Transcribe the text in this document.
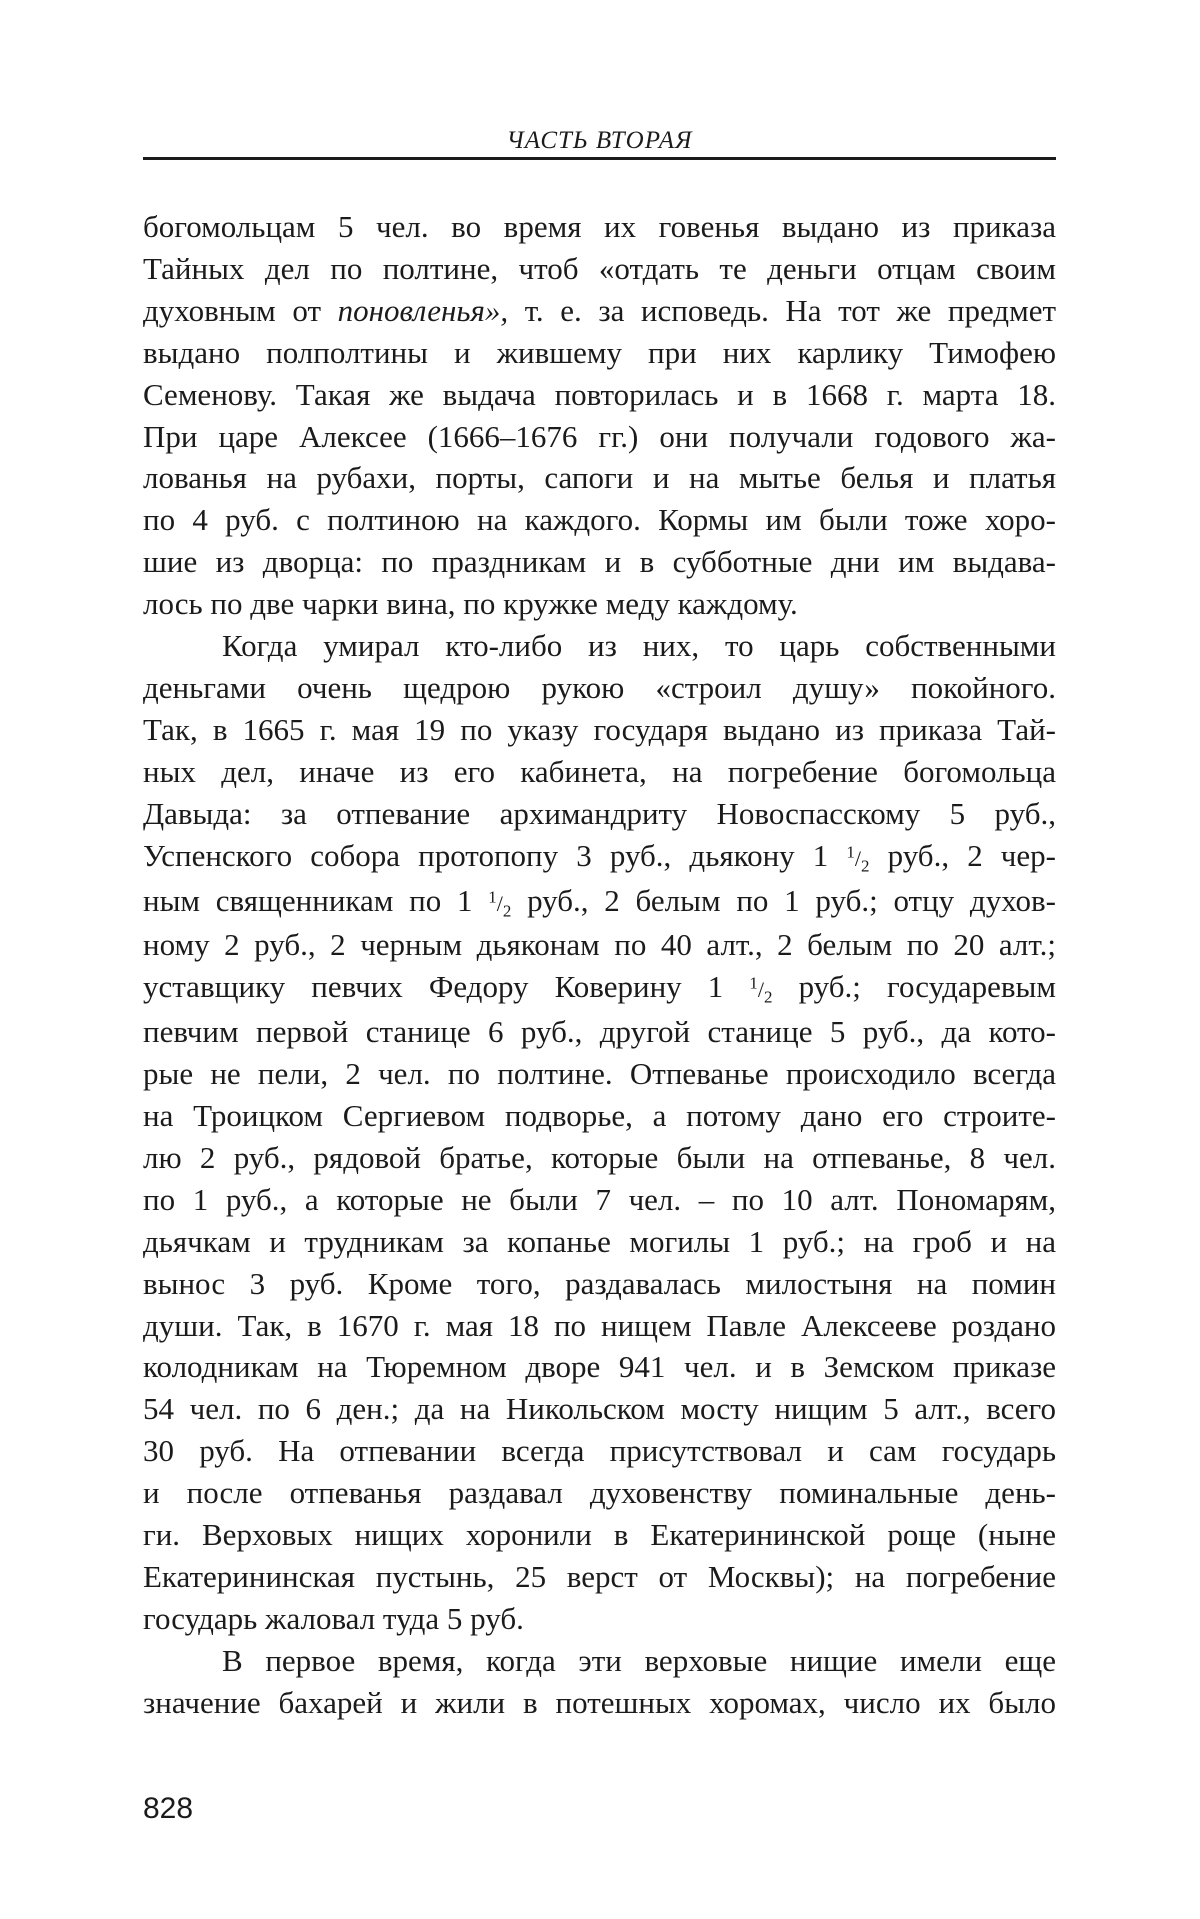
ЧАСТЬ ВТОРАЯ

богомольцам 5 чел. во время их говенья выдано из приказа
Тайных дел по полтине, чтоб «отдать те деньги отцам своим
духовным от поновленья», т. е. за исповедь. На тот же предмет
выдано полполтины и жившему при них карлику Тимофею
Семенову. Такая же выдача повторилась и в 1668 г. марта 18.
При царе Алексее (1666–1676 гг.) они получали годового жа-
лованья на рубахи, порты, сапоги и на мытье белья и платья
по 4 руб. с полтиною на каждого. Кормы им были тоже хоро-
шие из дворца: по праздникам и в субботные дни им выдава-
лось по две чарки вина, по кружке меду каждому.

Когда умирал кто-либо из них, то царь собственными
деньгами очень щедрою рукою «строил душу» покойного.
Так, в 1665 г. мая 19 по указу государя выдано из приказа Тай-
ных дел, иначе из его кабинета, на погребение богомольца
Давыда: за отпевание архимандриту Новоспасскому 5 руб.,
Успенского собора протопопу 3 руб., дьякону 1 1/2 руб., 2 чер-
ным священникам по 1 1/2 руб., 2 белым по 1 руб.; отцу духов-
ному 2 руб., 2 черным дьяконам по 40 алт., 2 белым по 20 алт.;
уставщику певчих Федору Коверину 1 1/2 руб.; государевым
певчим первой станице 6 руб., другой станице 5 руб., да кото-
рые не пели, 2 чел. по полтине. Отпеванье происходило всегда
на Троицком Сергиевом подворье, а потому дано его строите-
лю 2 руб., рядовой братье, которые были на отпеванье, 8 чел.
по 1 руб., а которые не были 7 чел. – по 10 алт. Пономарям,
дьячкам и трудникам за копанье могилы 1 руб.; на гроб и на
вынос 3 руб. Кроме того, раздавалась милостыня на помин
души. Так, в 1670 г. мая 18 по нищем Павле Алексееве роздано
колодникам на Тюремном дворе 941 чел. и в Земском приказе
54 чел. по 6 ден.; да на Никольском мосту нищим 5 алт., всего
30 руб. На отпевании всегда присутствовал и сам государь
и после отпеванья раздавал духовенству поминальные день-
ги. Верховых нищих хоронили в Екатерининской роще (ныне
Екатерининская пустынь, 25 верст от Москвы); на погребение
государь жаловал туда 5 руб.

В первое время, когда эти верховые нищие имели еще
значение бахарей и жили в потешных хоромах, число их было

828
